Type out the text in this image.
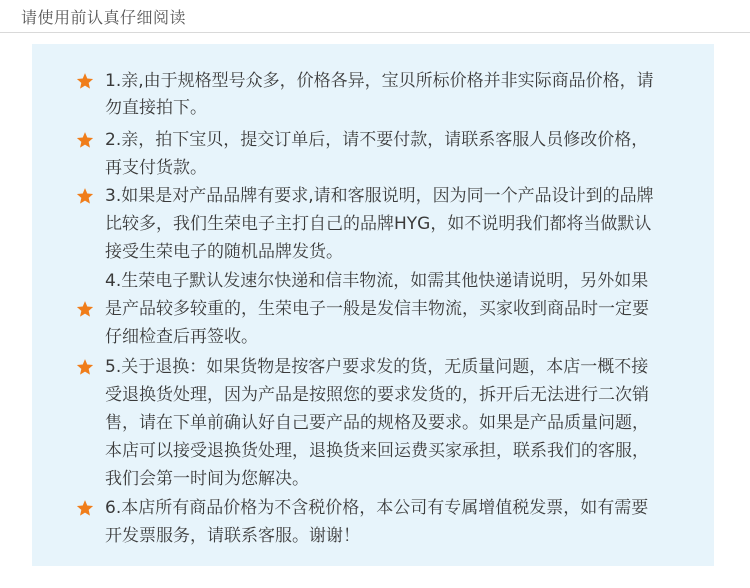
请使用前认真仔细阅读
1.亲,由于规格型号众多，价格各异，宝贝所标价格并非实际商品价格，请
勿直接拍下。
2.亲，拍下宝贝，提交订单后，请不要付款，请联系客服人员修改价格，
再支付货款。
3.如果是对产品品牌有要求,请和客服说明，因为同一个产品设计到的品牌
比较多，我们生荣电子主打自己的品牌HYG，如不说明我们都将当做默认
接受生荣电子的随机品牌发货。
4.生荣电子默认发速尔快递和信丰物流，如需其他快递请说明，另外如果
是产品较多较重的，生荣电子一般是发信丰物流，买家收到商品时一定要
仔细检查后再签收。
5.关于退换：如果货物是按客户要求发的货，无质量问题，本店一概不接
受退换货处理，因为产品是按照您的要求发货的，拆开后无法进行二次销
售，请在下单前确认好自己要产品的规格及要求。如果是产品质量问题，
本店可以接受退换货处理，退换货来回运费买家承担，联系我们的客服，
我们会第一时间为您解决。
6.本店所有商品价格为不含税价格，本公司有专属增值税发票，如有需要
开发票服务，请联系客服。谢谢！
